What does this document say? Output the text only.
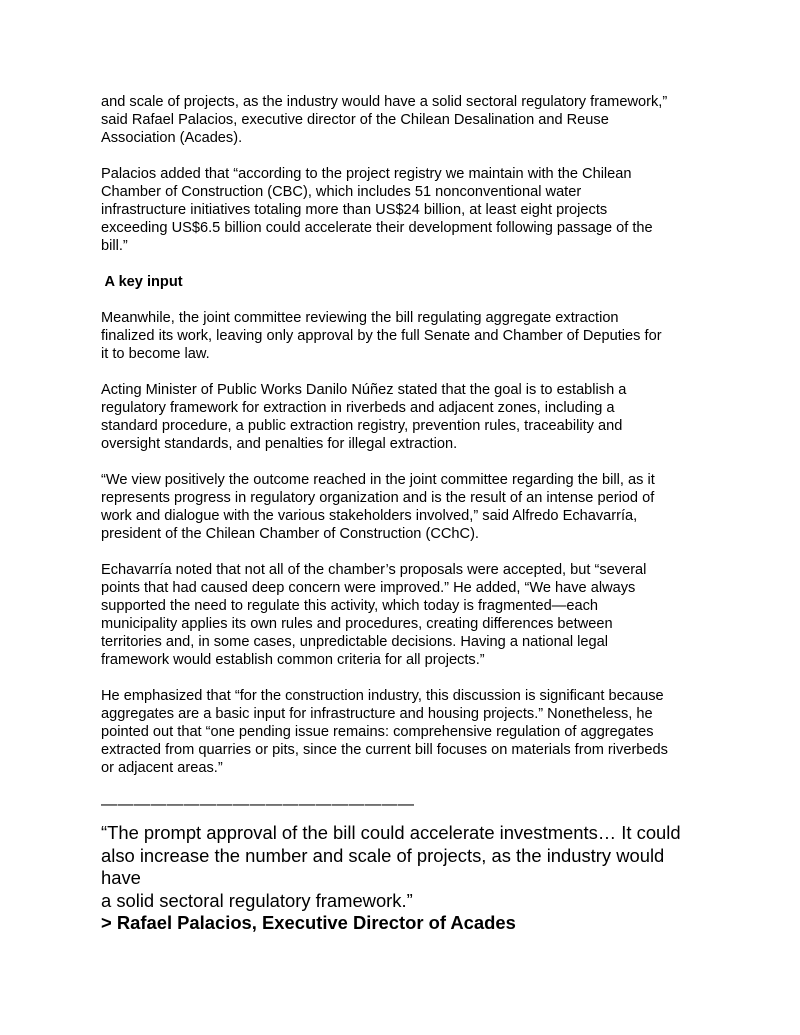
and scale of projects, as the industry would have a solid sectoral regulatory framework,”
said Rafael Palacios, executive director of the Chilean Desalination and Reuse
Association (Acades).

Palacios added that “according to the project registry we maintain with the Chilean
Chamber of Construction (CBC), which includes 51 nonconventional water
infrastructure initiatives totaling more than US$24 billion, at least eight projects
exceeding US$6.5 billion could accelerate their development following passage of the
bill.”

A key input

Meanwhile, the joint committee reviewing the bill regulating aggregate extraction
finalized its work, leaving only approval by the full Senate and Chamber of Deputies for
it to become law.

Acting Minister of Public Works Danilo Núñez stated that the goal is to establish a
regulatory framework for extraction in riverbeds and adjacent zones, including a
standard procedure, a public extraction registry, prevention rules, traceability and
oversight standards, and penalties for illegal extraction.

“We view positively the outcome reached in the joint committee regarding the bill, as it
represents progress in regulatory organization and is the result of an intense period of
work and dialogue with the various stakeholders involved,” said Alfredo Echavarría,
president of the Chilean Chamber of Construction (CChC).

Echavarría noted that not all of the chamber’s proposals were accepted, but “several
points that had caused deep concern were improved.” He added, “We have always
supported the need to regulate this activity, which today is fragmented—each
municipality applies its own rules and procedures, creating differences between
territories and, in some cases, unpredictable decisions. Having a national legal
framework would establish common criteria for all projects.”

He emphasized that “for the construction industry, this discussion is significant because
aggregates are a basic input for infrastructure and housing projects.” Nonetheless, he
pointed out that “one pending issue remains: comprehensive regulation of aggregates
extracted from quarries or pits, since the current bill focuses on materials from riverbeds
or adjacent areas.”

———————————————————

“The prompt approval of the bill could accelerate investments… It could
also increase the number and scale of projects, as the industry would have
a solid sectoral regulatory framework.”

> Rafael Palacios, Executive Director of Acades
